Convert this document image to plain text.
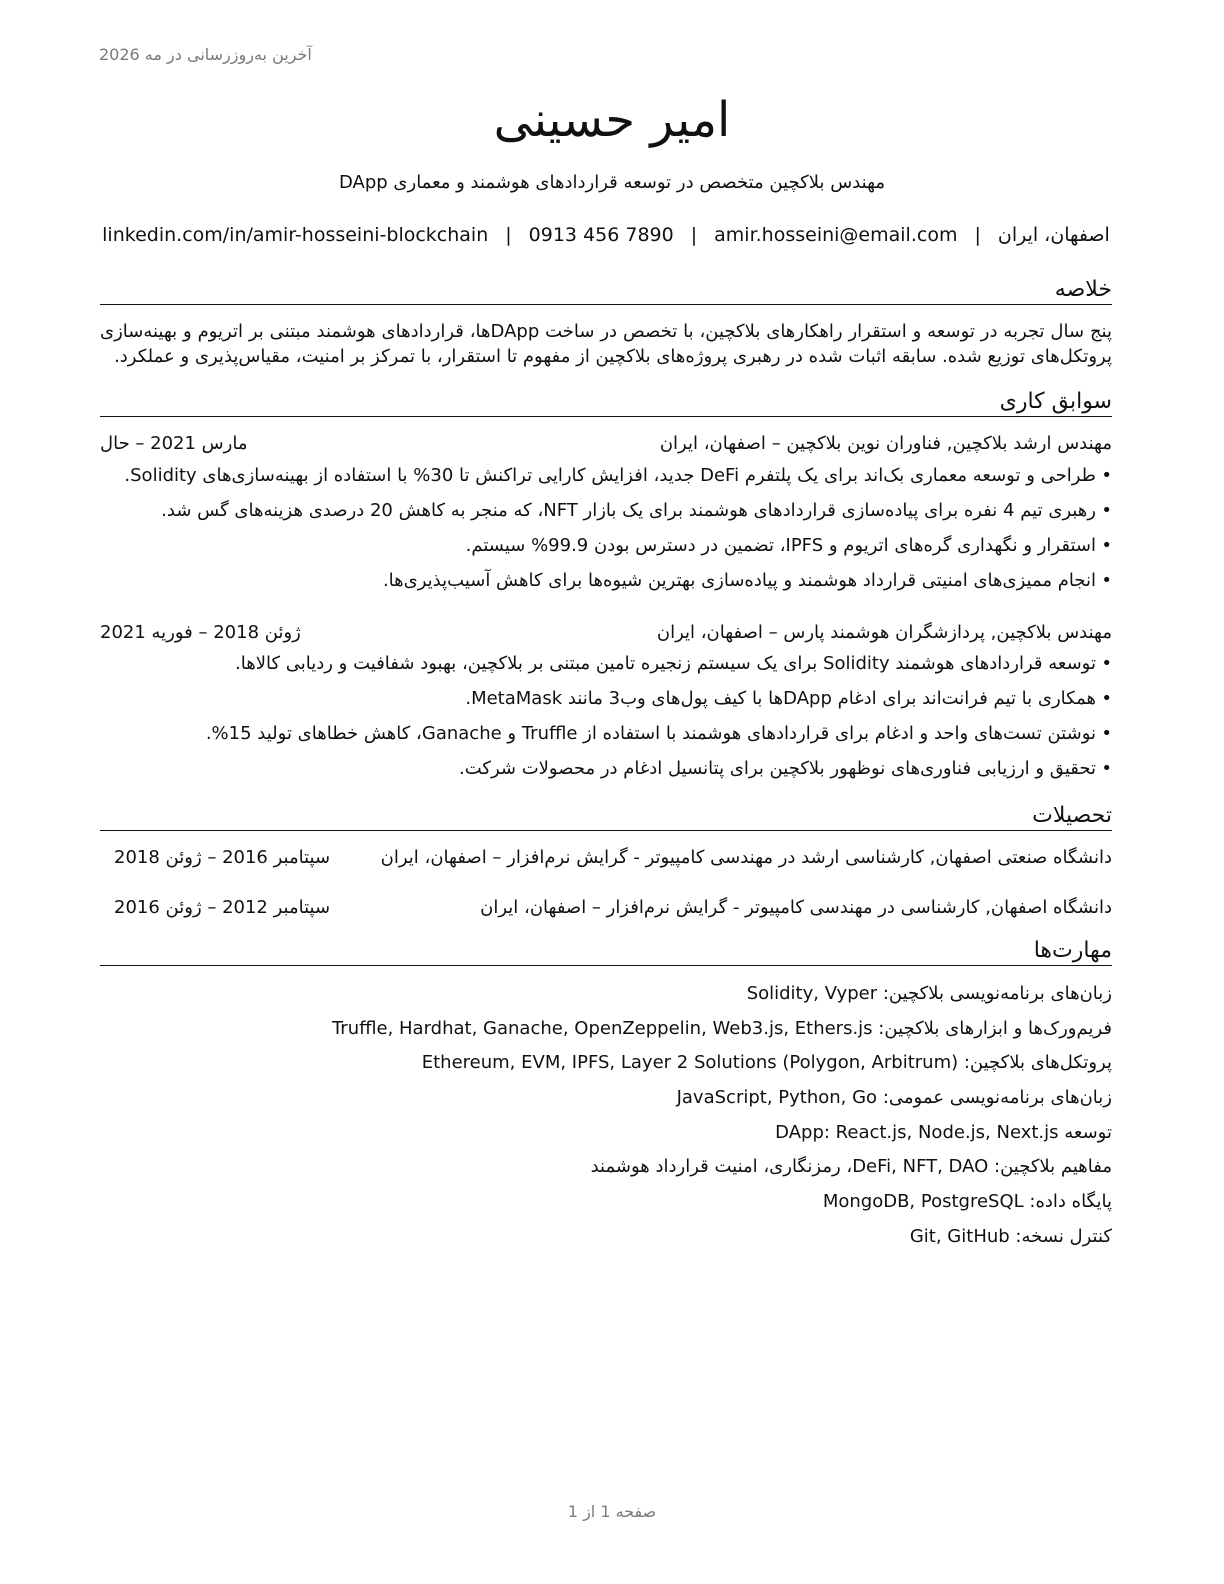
آخرین به‌روزرسانی در مه 2026
امیر حسینی
مهندس بلاکچین متخصص در توسعه قراردادهای هوشمند و معماری DApp
اصفهان، ایران
|
amir.hosseini@email.com
|
0913 456 7890
|
linkedin.com/in/amir-hosseini-blockchain
خلاصه
پنج سال تجربه در توسعه و استقرار راهکارهای بلاکچین، با تخصص در ساخت DAppها، قراردادهای هوشمند مبتنی بر اتریوم و بهینه‌سازی پروتکل‌های توزیع شده. سابقه اثبات شده در رهبری پروژه‌های بلاکچین از مفهوم تا استقرار، با تمرکز بر امنیت، مقیاس‌پذیری و عملکرد.
سوابق کاری
مهندس ارشد بلاکچین, فناوران نوین بلاکچین – اصفهان، ایران
مارس 2021 – حال
•
طراحی و توسعه معماری بک‌اند برای یک پلتفرم DeFi جدید، افزایش کارایی تراکنش تا 30% با استفاده از بهینه‌سازی‌های Solidity.
•
رهبری تیم 4 نفره برای پیاده‌سازی قراردادهای هوشمند برای یک بازار NFT، که منجر به کاهش 20 درصدی هزینه‌های گس شد.
•
استقرار و نگهداری گره‌های اتریوم و IPFS، تضمین در دسترس بودن 99.9% سیستم.
•
انجام ممیزی‌های امنیتی قرارداد هوشمند و پیاده‌سازی بهترین شیوه‌ها برای کاهش آسیب‌پذیری‌ها.
مهندس بلاکچین, پردازشگران هوشمند پارس – اصفهان، ایران
ژوئن 2018 – فوریه 2021
•
توسعه قراردادهای هوشمند Solidity برای یک سیستم زنجیره تامین مبتنی بر بلاکچین، بهبود شفافیت و ردیابی کالاها.
•
همکاری با تیم فرانت‌اند برای ادغام DAppها با کیف پول‌های وب3 مانند MetaMask.
•
نوشتن تست‌های واحد و ادغام برای قراردادهای هوشمند با استفاده از Truffle و Ganache، کاهش خطاهای تولید 15%.
•
تحقیق و ارزیابی فناوری‌های نوظهور بلاکچین برای پتانسیل ادغام در محصولات شرکت.
تحصیلات
دانشگاه صنعتی اصفهان, کارشناسی ارشد در مهندسی کامپیوتر - گرایش نرم‌افزار – اصفهان، ایران
سپتامبر 2016 – ژوئن 2018
دانشگاه اصفهان, کارشناسی در مهندسی کامپیوتر - گرایش نرم‌افزار – اصفهان، ایران
سپتامبر 2012 – ژوئن 2016
مهارت‌ها
زبان‌های برنامه‌نویسی بلاکچین: Solidity, Vyper
فریم‌ورک‌ها و ابزارهای بلاکچین: Truffle, Hardhat, Ganache, OpenZeppelin, Web3.js, Ethers.js
پروتکل‌های بلاکچین: Ethereum, EVM, IPFS, Layer 2 Solutions (Polygon, Arbitrum)
زبان‌های برنامه‌نویسی عمومی: JavaScript, Python, Go
توسعه DApp: React.js, Node.js, Next.js
مفاهیم بلاکچین: DeFi, NFT, DAO، رمزنگاری، امنیت قرارداد هوشمند
پایگاه داده: MongoDB, PostgreSQL
کنترل نسخه: Git, GitHub
صفحه 1 از 1
